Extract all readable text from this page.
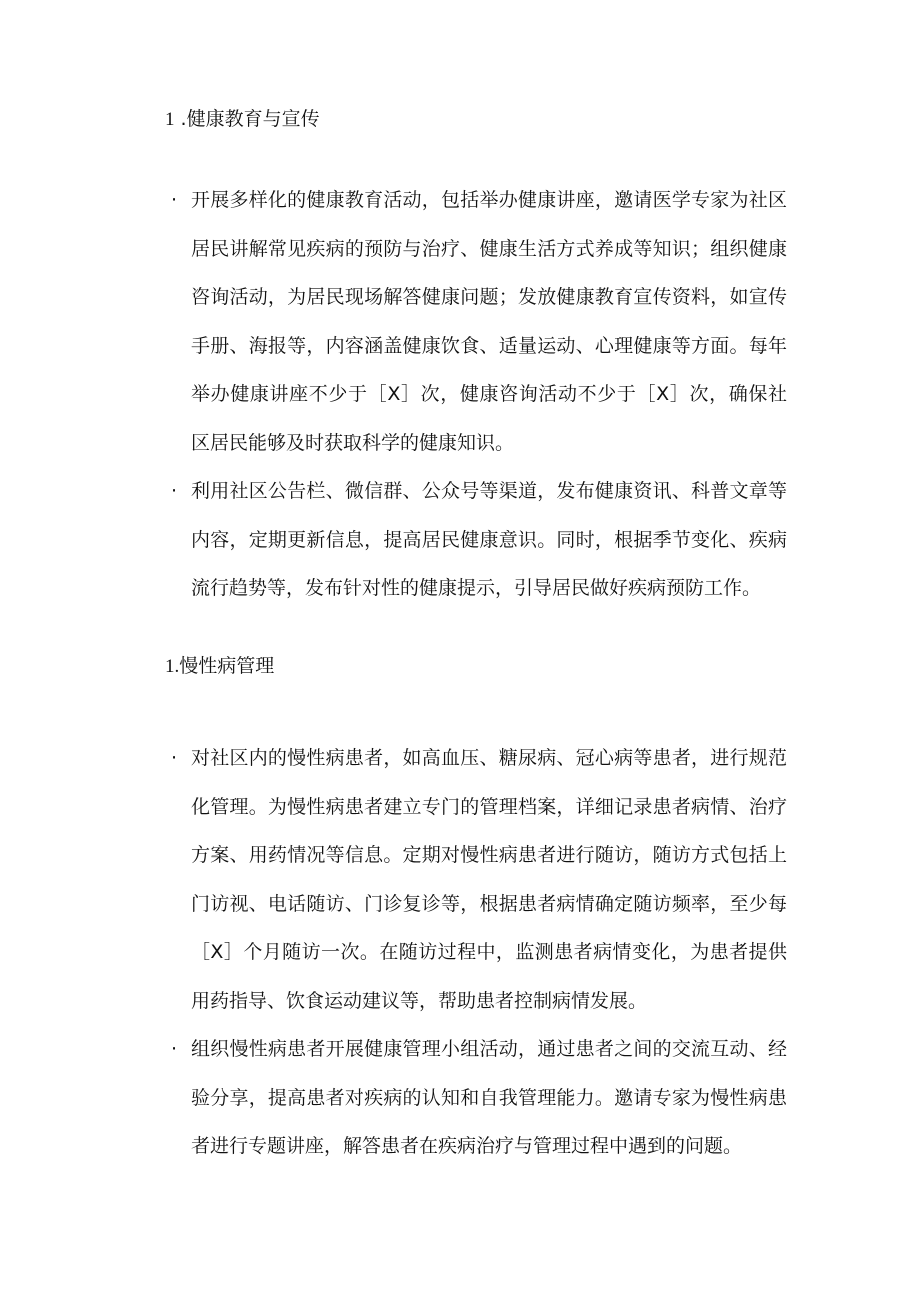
1 .健康教育与宣传
· 开展多样化的健康教育活动，包括举办健康讲座，邀请医学专家为社区居民讲解常见疾病的预防与治疗、健康生活方式养成等知识；组织健康咨询活动，为居民现场解答健康问题；发放健康教育宣传资料，如宣传手册、海报等，内容涵盖健康饮食、适量运动、心理健康等方面。每年举办健康讲座不少于［X］次，健康咨询活动不少于［X］次，确保社区居民能够及时获取科学的健康知识。
· 利用社区公告栏、微信群、公众号等渠道，发布健康资讯、科普文章等内容，定期更新信息，提高居民健康意识。同时，根据季节变化、疾病流行趋势等，发布针对性的健康提示，引导居民做好疾病预防工作。
1.慢性病管理
· 对社区内的慢性病患者，如高血压、糖尿病、冠心病等患者，进行规范化管理。为慢性病患者建立专门的管理档案，详细记录患者病情、治疗方案、用药情况等信息。定期对慢性病患者进行随访，随访方式包括上门访视、电话随访、门诊复诊等，根据患者病情确定随访频率，至少每［X］个月随访一次。在随访过程中，监测患者病情变化，为患者提供用药指导、饮食运动建议等，帮助患者控制病情发展。
· 组织慢性病患者开展健康管理小组活动，通过患者之间的交流互动、经验分享，提高患者对疾病的认知和自我管理能力。邀请专家为慢性病患者进行专题讲座，解答患者在疾病治疗与管理过程中遇到的问题。
